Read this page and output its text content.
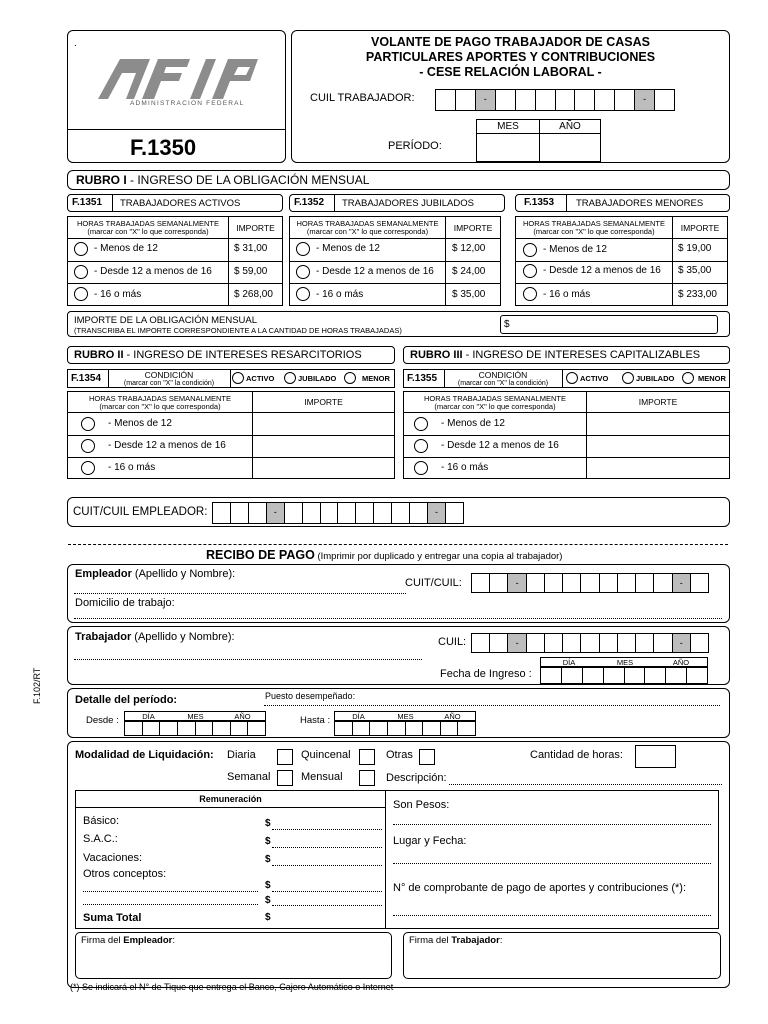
.
ADMINISTRACION FEDERAL
F.1350
VOLANTE DE PAGO TRABAJADOR DE CASAS
PARTICULARES APORTES Y CONTRIBUCIONES
- CESE RELACIÓN LABORAL -
CUIL TRABAJADOR:	-	-
MES	AÑO
PERÍODO:
F.102/RT
RUBRO I - INGRESO DE LA OBLIGACIÓN MENSUAL
F.1351 TRABAJADORES ACTIVOS
HORAS TRABAJADAS SEMANALMENTE
(marcar con "X" lo que corresponda)	IMPORTE
- Menos de 12	$ 31,00
- Desde 12 a menos de 16 $ 59,00
- 16 o más	$ 268,00
F.1352 TRABAJADORES JUBILADOS
HORAS TRABAJADAS SEMANALMENTE
(marcar con "X" lo que corresponda)	IMPORTE
- Menos de 12	$ 12,00
- Desde 12 a menos de 16 $ 24,00
- 16 o más	$ 35,00
F.1353 TRABAJADORES MENORES
HORAS TRABAJADAS SEMANALMENTE
(marcar con "X" lo que corresponda)	IMPORTE
- Menos de 12	$ 19,00
- Desde 12 a menos de 16 $ 35,00
- 16 o más	$ 233,00
IMPORTE DE LA OBLIGACIÓN MENSUAL
(TRANSCRIBA EL IMPORTE CORRESPONDIENTE A LA CANTIDAD DE HORAS TRABAJADAS)
$
RUBRO II - INGRESO DE INTERESES RESARCITORIOS
F.1354	CONDICIÓN
(marcar con "X" la condición)
ACTIVO	JUBILADO	MENOR
HORAS TRABAJADAS SEMANALMENTE
(marcar con "X" lo que corresponda)	IMPORTE
- Menos de 12
- Desde 12 a menos de 16
- 16 o más
RUBRO III - INGRESO DE INTERESES CAPITALIZABLES
F.1355	CONDICIÓN
(marcar con "X" la condición)
ACTIVO	JUBILADO	MENOR
HORAS TRABAJADAS SEMANALMENTE
(marcar con "X" lo que corresponda)	IMPORTE
- Menos de 12
- Desde 12 a menos de 16
- 16 o más
CUIT/CUIL EMPLEADOR:	-	-
RECIBO DE PAGO (Imprimir por duplicado y entregar una copia al trabajador)
Empleador (Apellido y Nombre):
CUIT/CUIL:	-	-
Domicilio de trabajo:
Trabajador (Apellido y Nombre):	CUIL:	-	-
DÍA	MES	AÑO
Fecha de Ingreso :
Detalle del período:	Puesto desempeñado:
DÍA	MES	AÑO
Desde :	DÍA	MES	AÑO
Hasta :
Modalidad de Liquidación: Diaria	Quincenal	Otras	Cantidad de horas:
Semanal	Mensual	Descripción:
Remuneración
Básico:	$
S.A.C.:	$
Vacaciones:	$
Otros conceptos:
$
$
Suma Total	$
Son Pesos:
Lugar y Fecha:
N° de comprobante de pago de aportes y contribuciones (*):
Firma del Empleador:	Firma del Trabajador:
(*) Se indicará el N° de Tique que entrega el Banco, Cajero Automático o Internet
